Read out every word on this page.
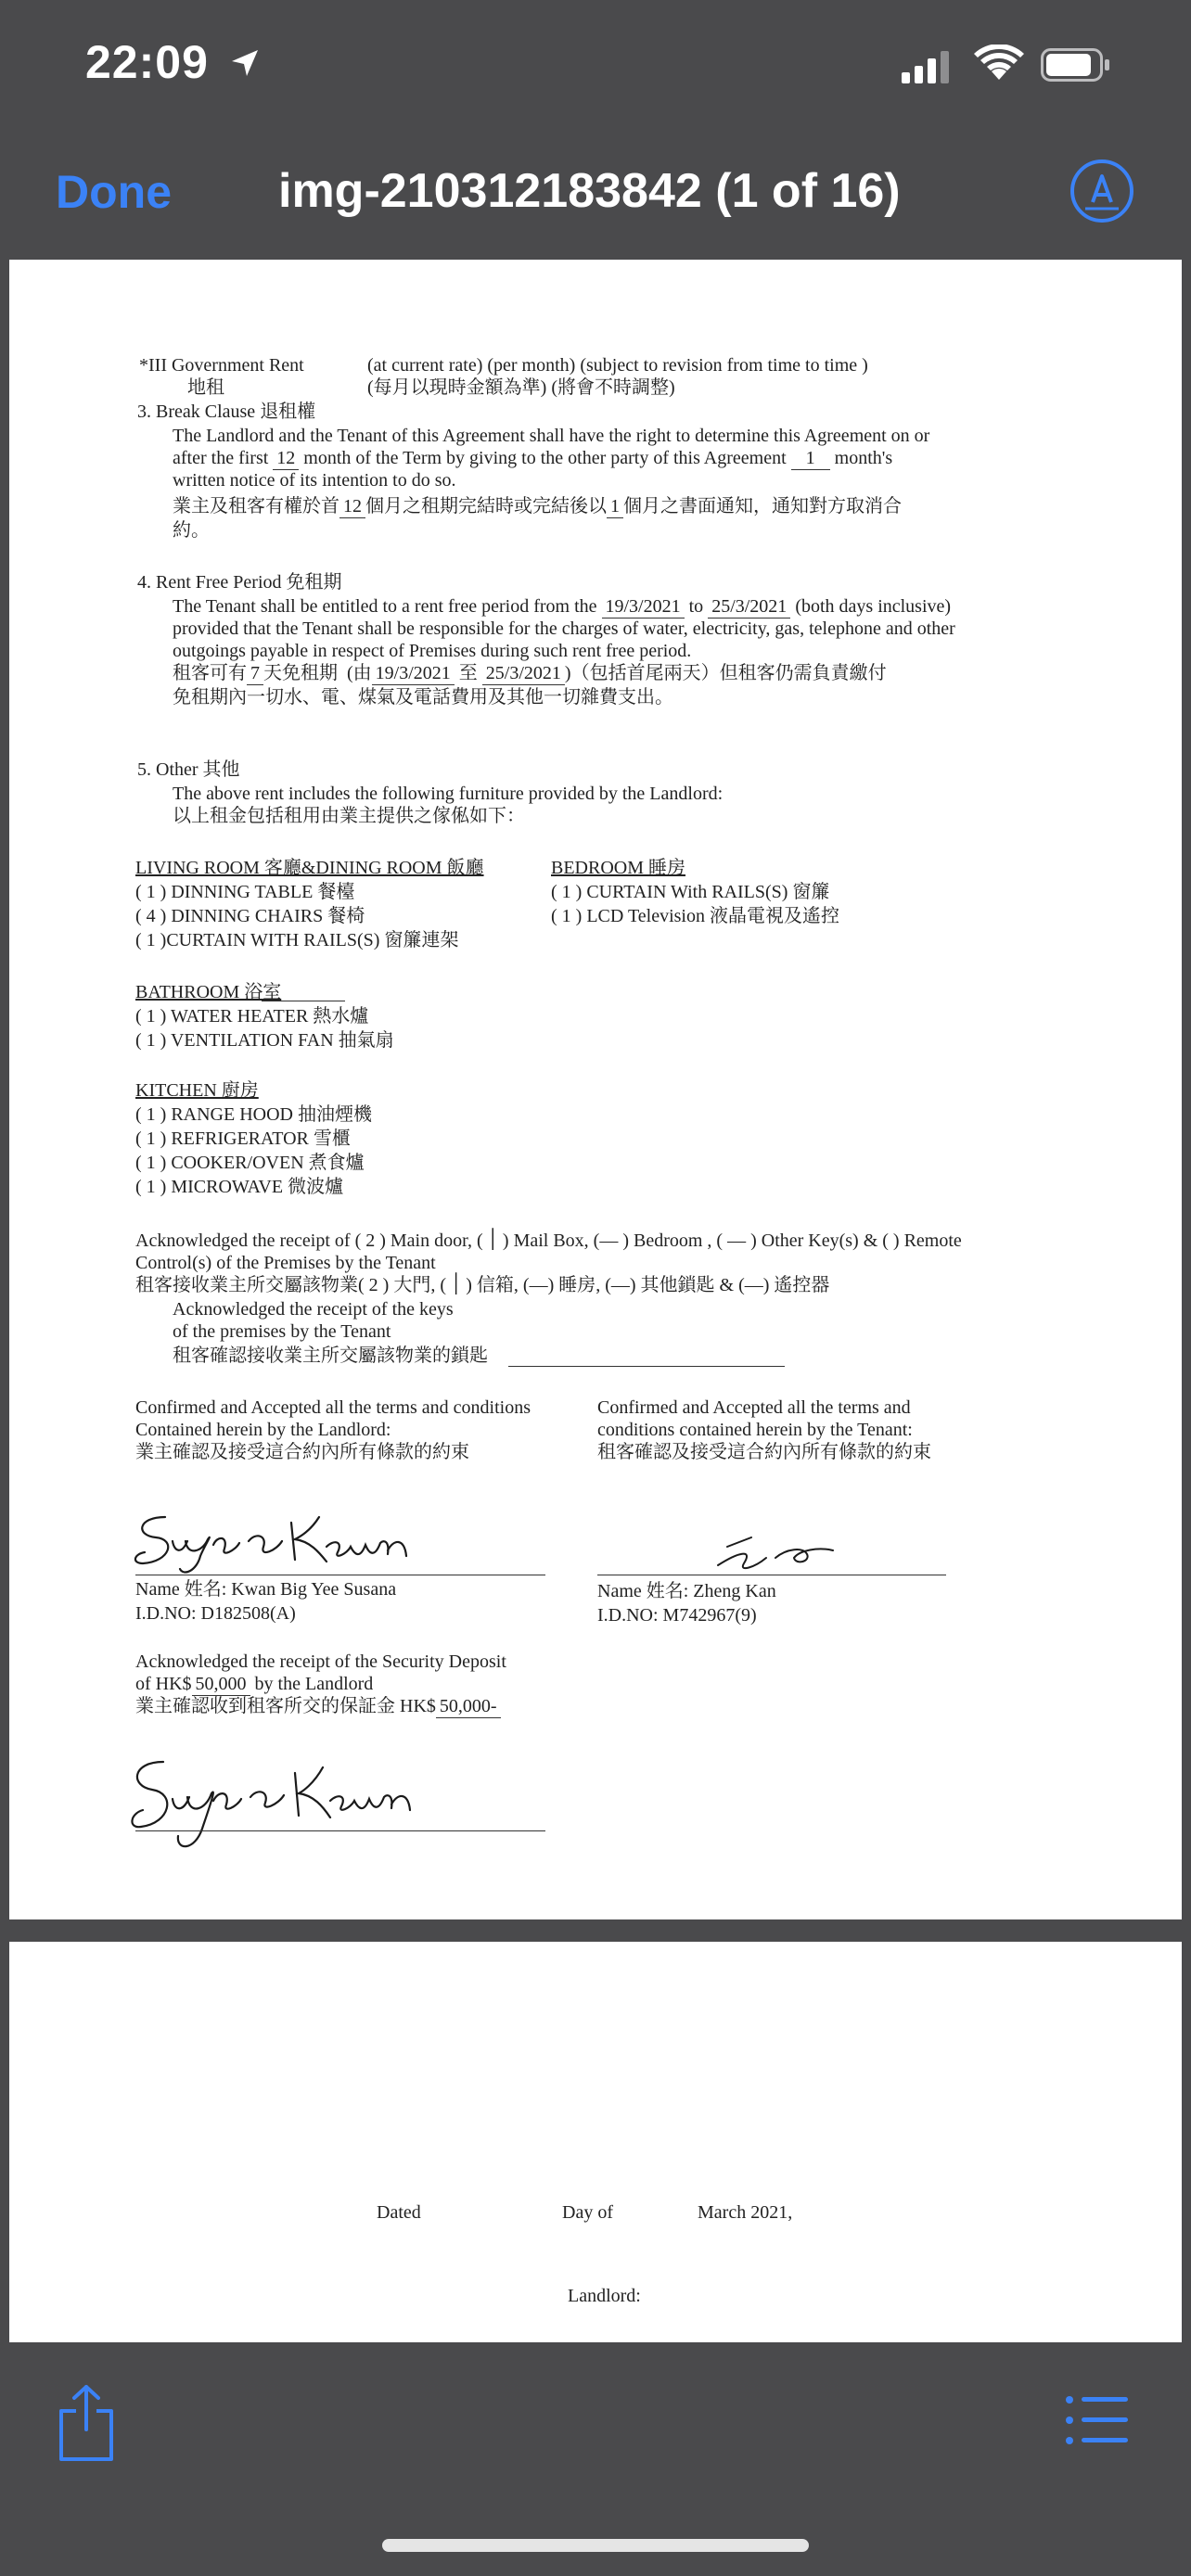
22:09
Done img-210312183842 (1 of 16)
*III Government Rent	(at current rate) (per month) (subject to revision from time to time )
地租	(每月以現時金額為準) (將會不時調整)
3. Break Clause 退租權
The Landlord and the Tenant of this Agreement shall have the right to determine this Agreement on or
after the first 12 month of the Term by giving to the other party of this Agreement 1 month's
written notice of its intention to do so.
業主及租客有權於首 12 個月之租期完結時或完結後以 1 個月之書面通知，通知對方取消合
約。
4. Rent Free Period 免租期
The Tenant shall be entitled to a rent free period from the 19/3/2021 to 25/3/2021 (both days inclusive)
provided that the Tenant shall be responsible for the charges of water, electricity, gas, telephone and other
outgoings payable in respect of Premises during such rent free period.
租客可有 7 天免租期 (由 19/3/2021 至 25/3/2021 )（包括首尾兩天）但租客仍需負責繳付
免租期內一切水、電、煤氣及電話費用及其他一切雜費支出。
5. Other 其他
The above rent includes the following furniture provided by the Landlord:
以上租金包括租用由業主提供之傢俬如下：
LIVING ROOM 客廳&DINING ROOM 飯廳
( 1 ) DINNING TABLE 餐檯
( 4 ) DINNING CHAIRS 餐椅
( 1 )CURTAIN WITH RAILS(S) 窗簾連架
BEDROOM 睡房
( 1 ) CURTAIN With RAILS(S) 窗簾
( 1 ) LCD Television 液晶電視及遙控
BATHROOM 浴室
( 1 ) WATER HEATER 熱水爐
( 1 ) VENTILATION FAN 抽氣扇
KITCHEN 廚房
( 1 ) RANGE HOOD 抽油煙機
( 1 ) REFRIGERATOR 雪櫃
( 1 ) COOKER/OVEN 煮食爐
( 1 ) MICROWAVE 微波爐
Acknowledged the receipt of ( 2 ) Main door, ( ׀ ) Mail Box, (— ) Bedroom , ( — ) Other Key(s) & ( ) Remote
Control(s) of the Premises by the Tenant
租客接收業主所交屬該物業( 2 ) 大門, ( ׀ ) 信箱, (—) 睡房, (—) 其他鎖匙 & (—) 遙控器
Acknowledged the receipt of the keys
of the premises by the Tenant
租客確認接收業主所交屬該物業的鎖匙
Confirmed and Accepted all the terms and conditions
Contained herein by the Landlord:
業主確認及接受這合約內所有條款的約束
Confirmed and Accepted all the terms and
conditions contained herein by the Tenant:
租客確認及接受這合約內所有條款的約束
Name 姓名: Kwan Big Yee Susana
I.D.NO: D182508(A)
Name 姓名: Zheng Kan
I.D.NO: M742967(9)
Acknowledged the receipt of the Security Deposit
of HK$ 50,000 by the Landlord
業主確認收到租客所交的保証金 HK$ 50,000-
Dated	Day of	March 2021,
Landlord:
